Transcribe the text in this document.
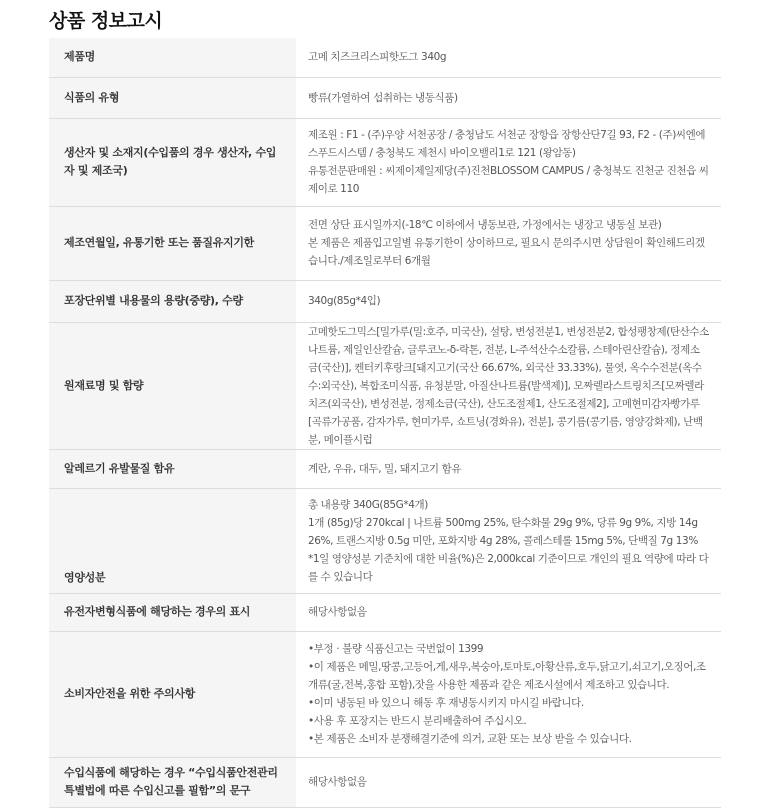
상품 정보고시
제품명	고메 치즈크리스피핫도그 340g

식품의 유형	빵류(가열하여 섭취하는 냉동식품)

생산자 및 소재지(수입품의 경우 생산자, 수입자 및 제조국)	제조원 : F1 - (주)우양 서천공장 / 충청남도 서천군 장항읍 장항산단7길 93, F2 - (주)씨엔에스푸드시스템 / 충청북도 제천시 바이오밸리1로 121 (왕암동)
유통전문판매원 : 씨제이제일제당(주)진천BLOSSOM CAMPUS / 충청북도 진천군 진천읍 씨제이로 110

제조연월일, 유통기한 또는 품질유지기한	전면 상단 표시일까지(-18℃ 이하에서 냉동보관, 가정에서는 냉장고 냉동실 보관)
본 제품은 제품입고일별 유통기한이 상이하므로, 필요시 문의주시면 상담원이 확인해드리겠습니다./제조일로부터 6개월

포장단위별 내용물의 용량(중량), 수량	340g(85g*4입)

원재료명 및 함량	고메핫도그믹스[밀가루(밀:호주, 미국산), 설탕, 변성전분1, 변성전분2, 합성팽창제(탄산수소나트륨, 제일인산칼슘, 글루코노-δ-락톤, 전분, L-주석산수소칼륨, 스테아린산칼슘), 정제소금(국산)], 켄터키후랑크[돼지고기(국산 66.67%, 외국산 33.33%), 물엿, 옥수수전분(옥수수:외국산), 복합조미식품, 유청분말, 아질산나트륨(발색제)], 모짜렐라스트링치즈[모짜렐라치즈(외국산), 변성전분, 정제소금(국산), 산도조절제1, 산도조절제2], 고메현미감자빵가루[곡류가공품, 감자가루, 현미가루, 쇼트닝(경화유), 전분], 콩기름(콩기름, 영양강화제), 난백분, 메이플시럽

알레르기 유발물질 함유	계란, 우유, 대두, 밀, 돼지고기 함유

영양성분	총 내용량 340G(85G*4개)
1개 (85g)당 270kcal | 나트륨 500mg 25%, 탄수화물 29g 9%, 당류 9g 9%, 지방 14g 26%, 트랜스지방 0.5g 미만, 포화지방 4g 28%, 콜레스테롤 15mg 5%, 단백질 7g 13%
*1일 영양성분 기준치에 대한 비율(%)은 2,000kcal 기준이므로 개인의 필요 역량에 따라 다를 수 있습니다

유전자변형식품에 해당하는 경우의 표시	해당사항없음

소비자안전을 위한 주의사항	•부정 · 불량 식품신고는 국번없이 1399
•이 제품은 메밀,땅콩,고등어,게,새우,복숭아,토마토,아황산류,호두,닭고기,쇠고기,오징어,조개류(굴,전복,홍합 포함),잣을 사용한 제품과 같은 제조시설에서 제조하고 있습니다.
•이미 냉동된 바 있으니 해동 후 재냉동시키지 마시길 바랍니다.
•사용 후 포장지는 반드시 분리배출하여 주십시오.
•본 제품은 소비자 분쟁해결기준에 의거, 교환 또는 보상 받을 수 있습니다.

수입식품에 해당하는 경우 “수입식품안전관리특별법에 따른 수입신고를 필함”의 문구	해당사항없음
